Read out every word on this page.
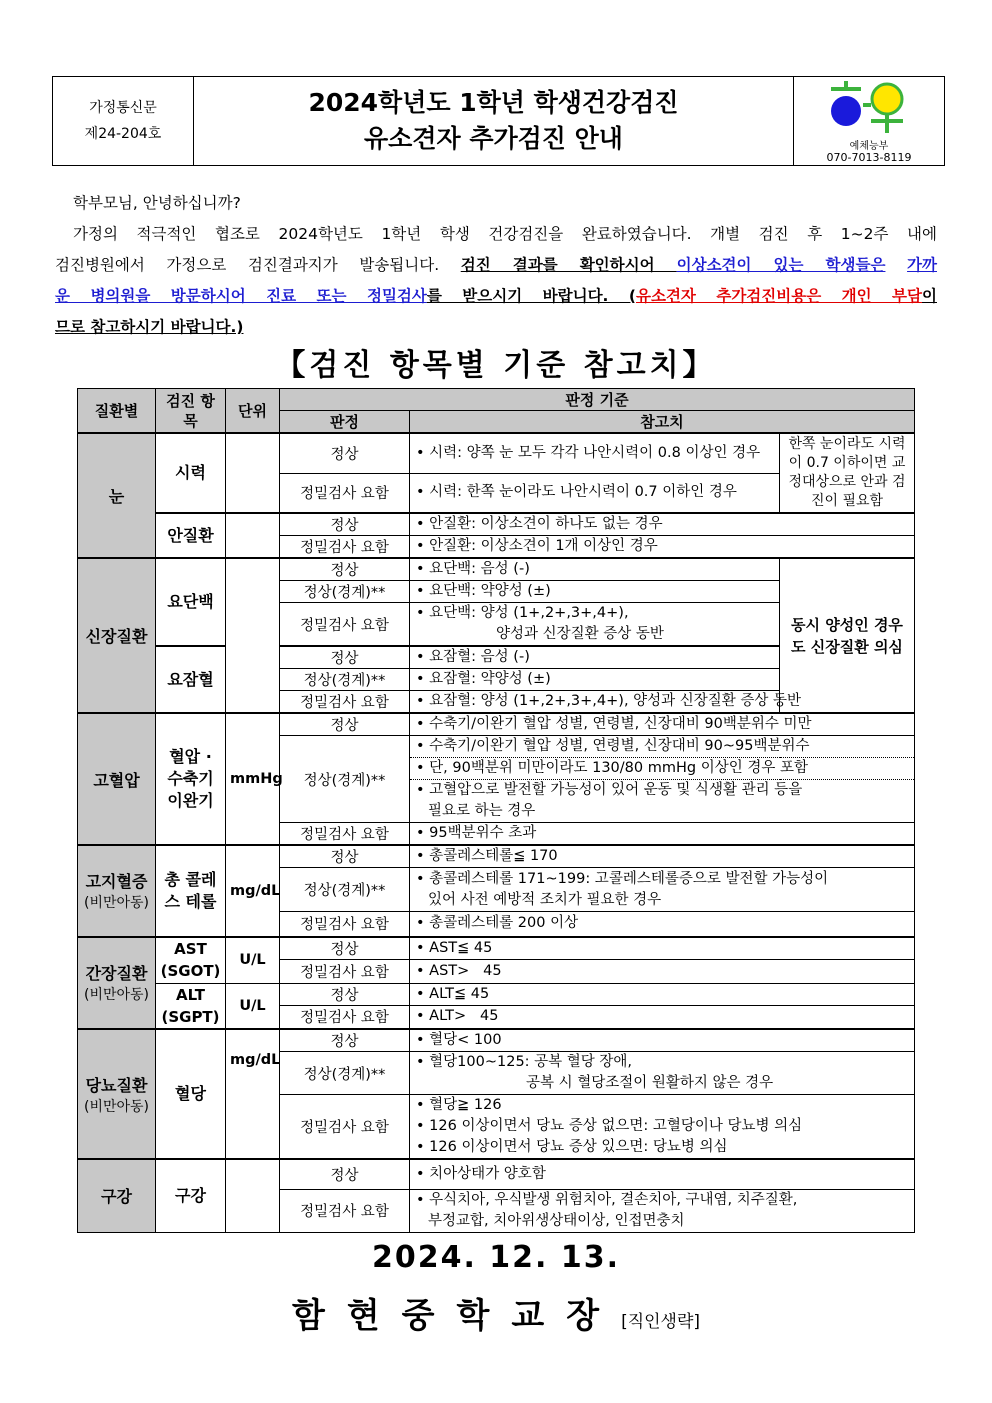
가정통신문
제24-204호
2024학년도 1학년 학생건강검진
유소견자 추가검진 안내	예체능부
070-7013-8119

학부모님, 안녕하십니까?

가정의 적극적인 협조로 2024학년도 1학년 학생 건강검진을 완료하였습니다. 개별 검진 후 1~2주 내에

검진병원에서 가정으로 검진결과지가 발송됩니다. 검진 결과를 확인하시어 이상소견이 있는 학생들은 가까

운 병의원을 방문하시어 진료 또는 정밀검사를 받으시기 바랍니다. (유소견자 추가검진비용은 개인 부담이

므로 참고하시기 바랍니다.)

【검진 항목별 기준 참고치】
질환별	검진 항목	단위	판정 기준		
			판정	참고치	
눈	시력		정상	• 시력: 양쪽 눈 모두 각각 나안시력이 0.8 이상인 경우	한쪽 눈이라도 시력이 0.7 이하이면 교정대상으로 안과 검진이 필요함
			정밀검사 요함	• 시력: 한쪽 눈이라도 나안시력이 0.7 이하인 경우	
	안질환		정상	• 안질환: 이상소견이 하나도 없는 경우	
			정밀검사 요함	• 안질환: 이상소견이 1개 이상인 경우	
신장질환	요단백		정상	• 요단백: 음성 (-)	동시 양성인 경우도 신장질환 의심
			정상(경계)**	• 요단백: 약양성 (±)	
			정밀검사 요함	• 요단백: 양성 (1+,2+,3+,4+),
양성과 신장질환 증상 동반	

	요잠혈		정상	• 요잠혈: 음성 (-)	
			정상(경계)**	• 요잠혈: 약양성 (±)	
			정밀검사 요함	• 요잠혈: 양성 (1+,2+,3+,4+), 양성과 신장질환 증상 동반	
고혈압	혈압 · 수축기 이완기	mmHg	정상	• 수축기/이완기 혈압 성별, 연령별, 신장대비 90백분위수 미만	
			정상(경계)**	• 수축기/이완기 혈압 성별, 연령별, 신장대비 90~95백분위수	
				• 단, 90백분위 미만이라도 130/80 mmHg 이상인 경우 포함	

				• 고혈압으로 발전할 가능성이 있어 운동 및 식생활 관리 등을
필요로 하는 경우	

			정밀검사 요함	• 95백분위수 초과	
고지혈증
(비만아동)	총 콜레스 테롤	mg/dL	정상	• 총콜레스테롤≦ 170	
			정상(경계)**	• 총콜레스테롤 171~199: 고콜레스테롤증으로 발전할 가능성이
있어 사전 예방적 조치가 필요한 경우	

			정밀검사 요함	• 총콜레스테롤 200 이상	
간장질환
(비만아동)	AST (SGOT)	U/L	정상	• AST≦ 45	
			정밀검사 요함	• AST>   45	
	ALT (SGPT)	U/L	정상	• ALT≦ 45	
			정밀검사 요함	• ALT>   45	
당뇨질환
(비만아동)	혈당	mg/dL	정상	• 혈당< 100	
			정상(경계)**	• 혈당100~125: 공복 혈당 장애,
공복 시 혈당조절이 원활하지 않은 경우	

			정밀검사 요함	• 혈당≧ 126
• 126 이상이면서 당뇨 증상 없으면: 고혈당이나 당뇨병 의심
• 126 이상이면서 당뇨 증상 있으면: 당뇨병 의심	

구강	구강		정상	• 치아상태가 양호함	
			정밀검사 요함	• 우식치아, 우식발생 위험치아, 결손치아, 구내염, 치주질환,
부정교합, 치아위생상태이상, 인접면충치	
2024. 12. 13.
함현중학교장[직인생략]
